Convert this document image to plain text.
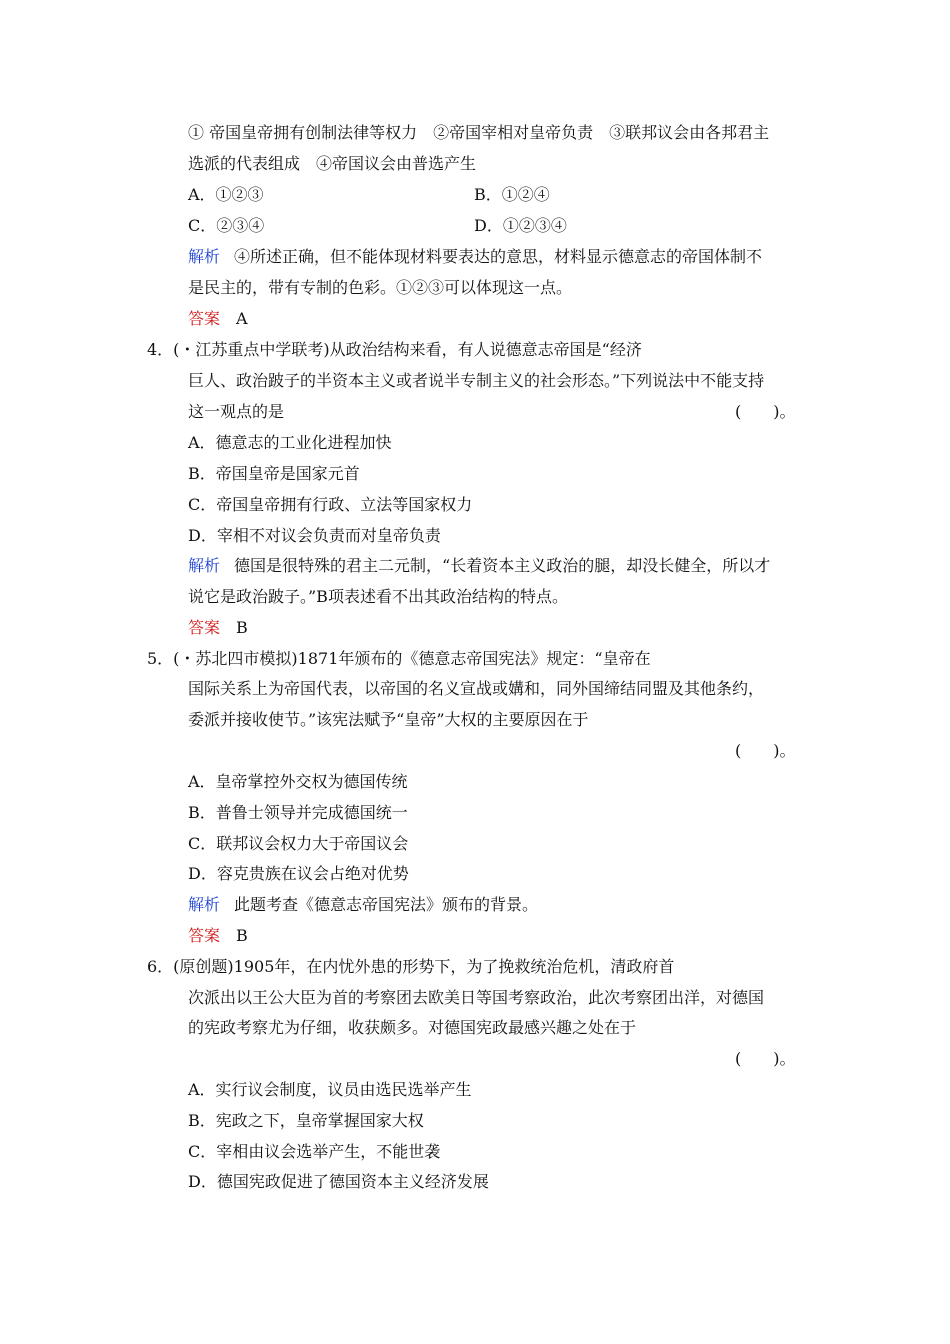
① 帝国皇帝拥有创制法律等权力　②帝国宰相对皇帝负责　③联邦议会由各邦君主
选派的代表组成　④帝国议会由普选产生
A．①②③	B．①②④
C．②③④	D．①②③④
解析 ④所述正确，但不能体现材料要表达的意思，材料显示德意志的帝国体制不
是民主的，带有专制的色彩。①②③可以体现这一点。
答案 A
4．(・江苏重点中学联考)从政治结构来看，有人说德意志帝国是“经济
巨人、政治跛子的半资本主义或者说半专制主义的社会形态。”下列说法中不能支持
这一观点的是	(　　)。
A．德意志的工业化进程加快
B．帝国皇帝是国家元首
C．帝国皇帝拥有行政、立法等国家权力
D．宰相不对议会负责而对皇帝负责
解析 德国是很特殊的君主二元制，“长着资本主义政治的腿，却没长健全，所以才
说它是政治跛子。”B项表述看不出其政治结构的特点。
答案 B
5．(・苏北四市模拟)1871年颁布的《德意志帝国宪法》规定：“皇帝在
国际关系上为帝国代表，以帝国的名义宣战或媾和，同外国缔结同盟及其他条约，
委派并接收使节。”该宪法赋予“皇帝”大权的主要原因在于
(　　)。
A．皇帝掌控外交权为德国传统
B．普鲁士领导并完成德国统一
C．联邦议会权力大于帝国议会
D．容克贵族在议会占绝对优势
解析 此题考查《德意志帝国宪法》颁布的背景。
答案 B
6．(原创题)1905年，在内忧外患的形势下，为了挽救统治危机，清政府首
次派出以王公大臣为首的考察团去欧美日等国考察政治，此次考察团出洋，对德国
的宪政考察尤为仔细，收获颇多。对德国宪政最感兴趣之处在于
(　　)。
A．实行议会制度，议员由选民选举产生
B．宪政之下，皇帝掌握国家大权
C．宰相由议会选举产生，不能世袭
D．德国宪政促进了德国资本主义经济发展
